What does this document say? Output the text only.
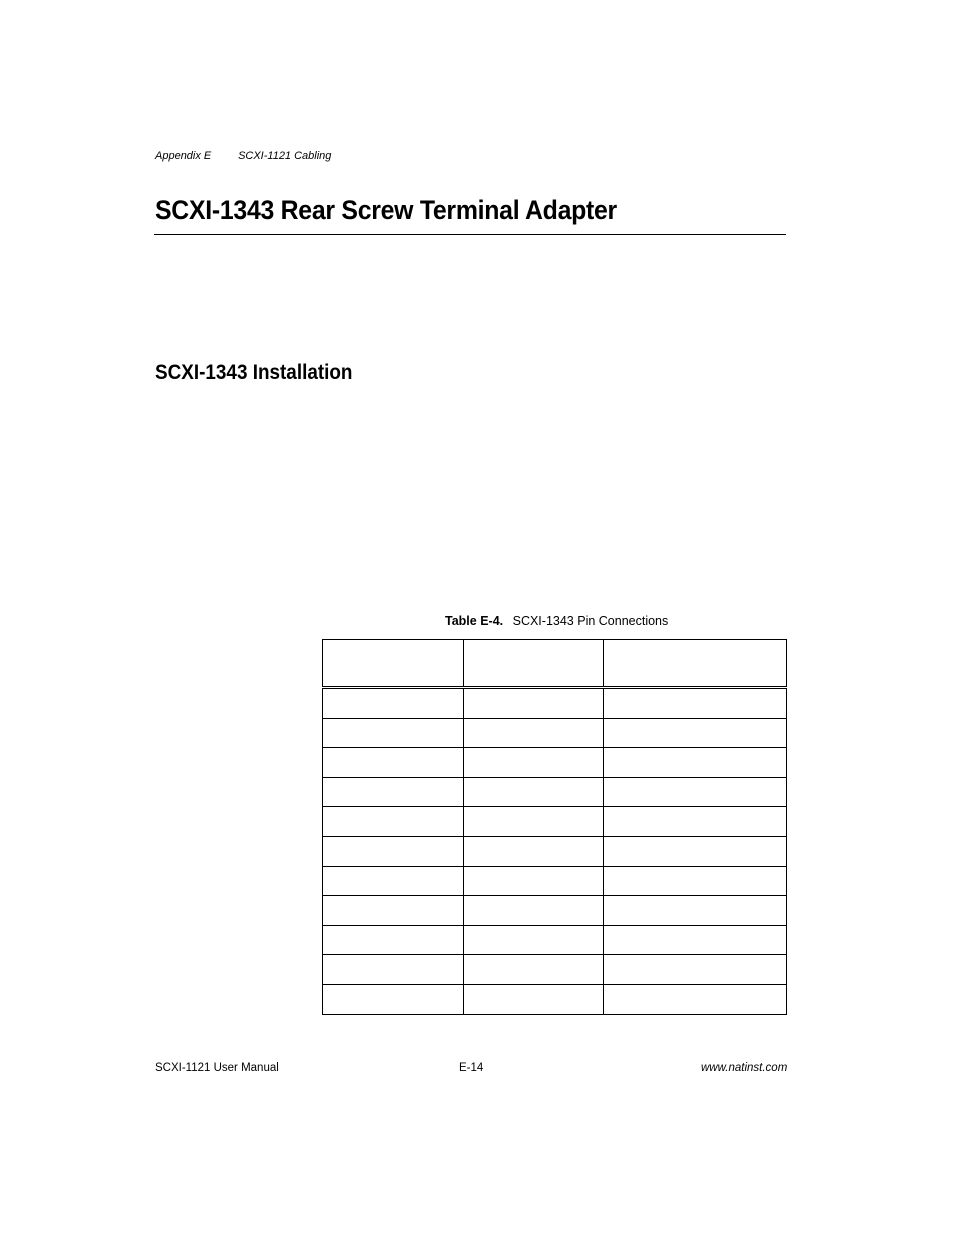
Appendix E SCXI-1121 Cabling
SCXI-1343 Rear Screw Terminal Adapter
SCXI-1343 Installation
Table E-4. SCXI-1343 Pin Connections

SCXI-1121 User Manual	E-14	www.natinst.com
